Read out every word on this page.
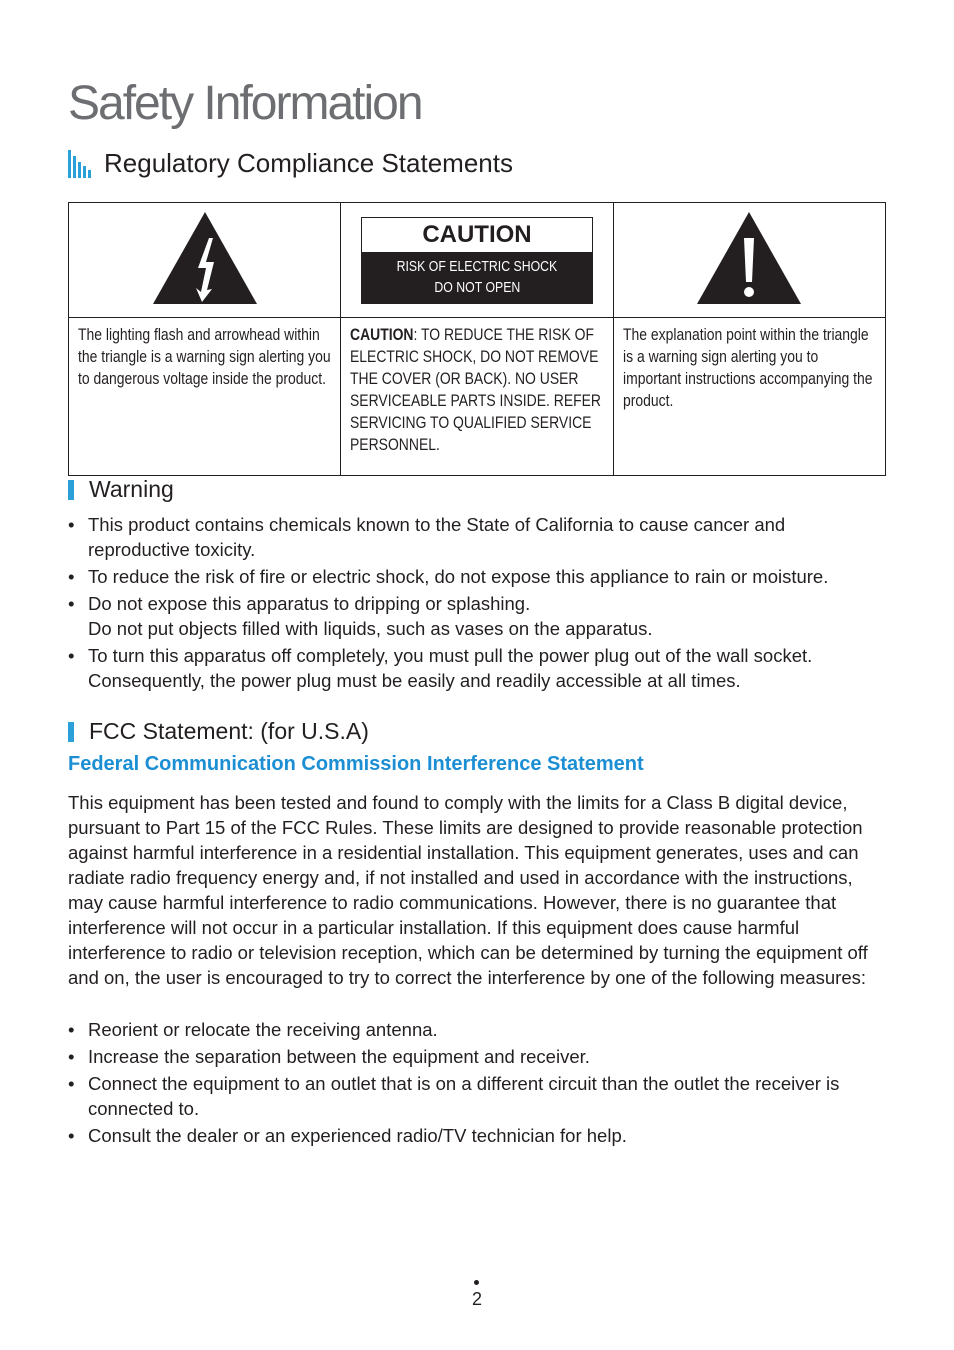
Safety Information
Regulatory Compliance Statements

CAUTION
RISK OF ELECTRIC SHOCK
DO NOT OPEN

The lighting flash and arrowhead within the triangle is a warning sign alerting you to dangerous voltage inside the product.	CAUTION: TO REDUCE THE RISK OF ELECTRIC SHOCK, DO NOT REMOVE THE COVER (OR BACK). NO USER SERVICEABLE PARTS INSIDE. REFER SERVICING TO QUALIFIED SERVICE PERSONNEL.	The explanation point within the triangle is a warning sign alerting you to important instructions accompanying the product.
Warning
• This product contains chemicals known to the State of California to cause cancer and reproductive toxicity.
• To reduce the risk of fire or electric shock, do not expose this appliance to rain or moisture.
• Do not expose this apparatus to dripping or splashing.
Do not put objects filled with liquids, such as vases on the apparatus.
• To turn this apparatus off completely, you must pull the power plug out of the wall socket. Consequently, the power plug must be easily and readily accessible at all times.
FCC Statement: (for U.S.A)
Federal Communication Commission Interference Statement

This equipment has been tested and found to comply with the limits for a Class B digital device, pursuant to Part 15 of the FCC Rules. These limits are designed to provide reasonable protection against harmful interference in a residential installation. This equipment generates, uses and can radiate radio frequency energy and, if not installed and used in accordance with the instructions, may cause harmful interference to radio communications. However, there is no guarantee that interference will not occur in a particular installation. If this equipment does cause harmful interference to radio or television reception, which can be determined by turning the equipment off and on, the user is encouraged to try to correct the interference by one of the following measures:

• Reorient or relocate the receiving antenna.
• Increase the separation between the equipment and receiver.
• Connect the equipment to an outlet that is on a different circuit than the outlet the receiver is connected to.
• Consult the dealer or an experienced radio/TV technician for help.
2
